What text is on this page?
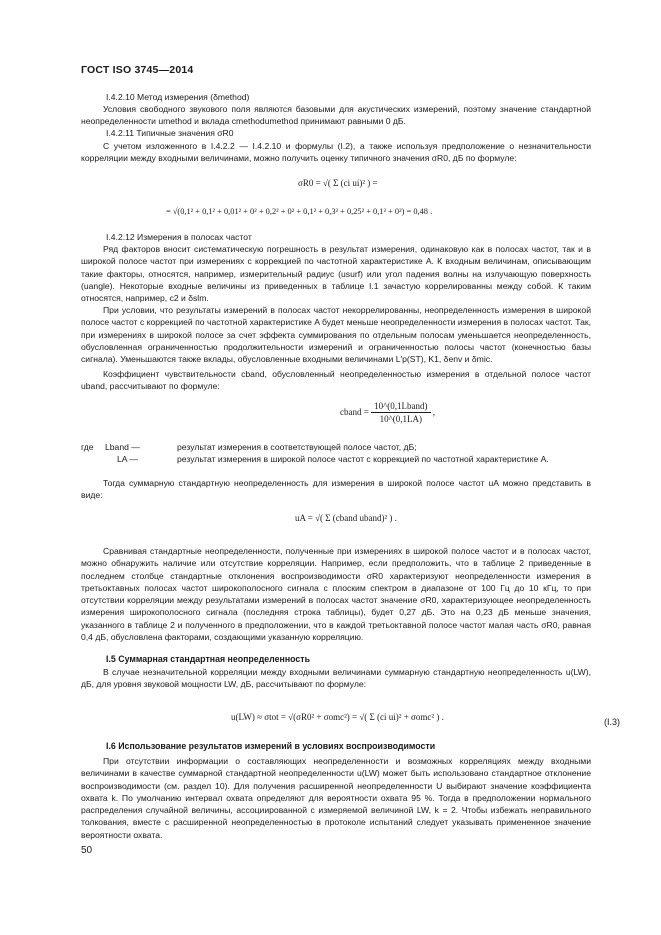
ГОСТ ISO 3745—2014
I.4.2.10 Метод измерения (δmethod)
Условия свободного звукового поля являются базовыми для акустических измерений, поэтому значение стандартной неопределенности umethod и вклада cmethodumethod принимают равными 0 дБ.
I.4.2.11 Типичные значения σR0
С учетом изложенного в I.4.2.2 — I.4.2.10 и формулы (I.2), а также используя предположение о незначительности корреляции между входными величинами, можно получить оценку типичного значения σR0, дБ по формуле:
σR0 = √( Σ (ci ui)² ) =
= √(0,1² + 0,1² + 0,01² + 0² + 0,2² + 0² + 0,1² + 0,3² + 0,25² + 0,1² + 0²) = 0,48 .
I.4.2.12 Измерения в полосах частот
Ряд факторов вносит систематическую погрешность в результат измерения, одинаковую как в полосах частот, так и в широкой полосе частот при измерениях с коррекцией по частотной характеристике A. К входным величинам, описывающим такие факторы, относятся, например, измерительный радиус (usurf) или угол падения волны на излучающую поверхность (uangle). Некоторые входные величины из приведенных в таблице I.1 зачастую коррелированны между собой. К таким относятся, например, c2 и δslm.
При условии, что результаты измерений в полосах частот некоррелированны, неопределенность измерения в широкой полосе частот с коррекцией по частотной характеристике A будет меньше неопределенности измерения в полосах частот. Так, при измерениях в широкой полосе за счет эффекта суммирования по отдельным полосам уменьшается неопределенность, обусловленная ограниченностью продолжительности измерений и ограниченностью полосы частот (конечностью базы сигнала). Уменьшаются также вклады, обусловленные входными величинами L′p(ST), K1, δenv и δmic.
Коэффициент чувствительности cband, обусловленный неопределенностью измерения в отдельной полосе частот uband, рассчитывают по формуле:
cband = $\frac{\text{10\textasciicircum{}(0,1Lband)}}{10\^{}(0,1LA)}$ ,
где Lband —	результат измерения в соответствующей полосе частот, дБ;
LA —	результат измерения в широкой полосе частот с коррекцией по частотной характеристике A.
Тогда суммарную стандартную неопределенность для измерения в широкой полосе частот uA можно представить в виде:
uA = √( Σ (cband uband)² ) .
Сравнивая стандартные неопределенности, полученные при измерениях в широкой полосе частот и в полосах частот, можно обнаружить наличие или отсутствие корреляции. Например, если предположить, что в таблице 2 приведенные в последнем столбце стандартные отклонения воспроизводимости σR0 характеризуют неопределенности измерения в третьоктавных полосах частот широкополосного сигнала с плоским спектром в диапазоне от 100 Гц до 10 кГц, то при отсутствии корреляции между результатами измерений в полосах частот значение σR0, характеризующее неопределенность измерения широкополосного сигнала (последняя строка таблицы), будет 0,27 дБ. Это на 0,23 дБ меньше значения, указанного в таблице 2 и полученного в предположении, что в каждой третьоктавной полосе частот малая часть σR0, равная 0,4 дБ, обусловлена факторами, создающими указанную корреляцию.
I.5 Суммарная стандартная неопределенность
В случае незначительной корреляции между входными величинами суммарную стандартную неопределенность u(LW), дБ, для уровня звуковой мощности LW, дБ, рассчитывают по формуле:
u(LW) ≈ σtot = √(σR0² + σomc²) = √( Σ (ci ui)² + σomc² ) .	(I.3)
I.6 Использование результатов измерений в условиях воспроизводимости
При отсутствии информации о составляющих неопределенности и возможных корреляциях между входными величинами в качестве суммарной стандартной неопределенности u(LW) может быть использовано стандартное отклонение воспроизводимости (см. раздел 10). Для получения расширенной неопределенности U выбирают значение коэффициента охвата k. По умолчанию интервал охвата определяют для вероятности охвата 95 %. Тогда в предположении нормального распределения случайной величины, ассоциированной с измеряемой величиной LW, k = 2. Чтобы избежать неправильного толкования, вместе с расширенной неопределенностью в протоколе испытаний следует указывать примененное значение вероятности охвата.
50
